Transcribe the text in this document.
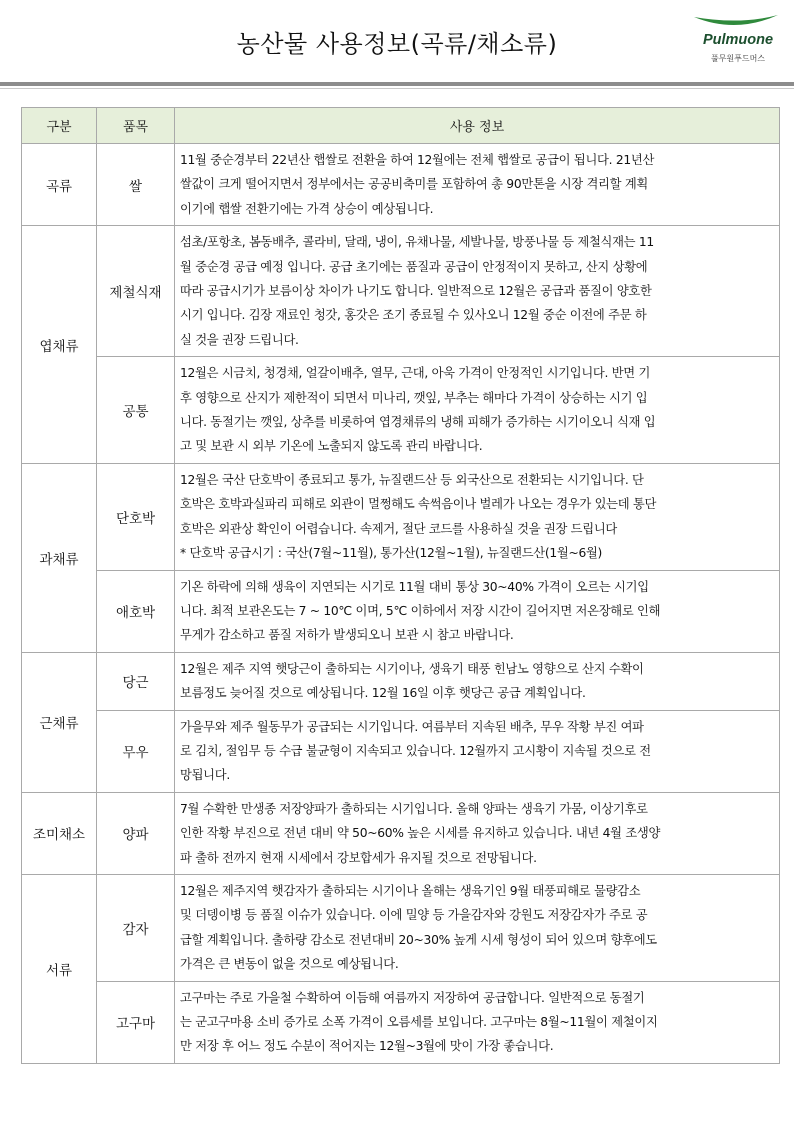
농산물 사용정보(곡류/채소류)	Pulmuone
풀무원푸드머스
구분	품목	사용 정보
곡류	쌀	11월 중순경부터 22년산 햅쌀로 전환을 하여 12월에는 전체 햅쌀로 공급이 됩니다. 21년산
쌀값이 크게 떨어지면서 정부에서는 공공비축미를 포함하여 총 90만톤을 시장 격리할 계획
이기에 햅쌀 전환기에는 가격 상승이 예상됩니다.
엽채류	제철식재	섬초/포항초, 봄동배추, 콜라비, 달래, 냉이, 유채나물, 세발나물, 방풍나물 등 제철식재는 11
월 중순경 공급 예정 입니다. 공급 초기에는 품질과 공급이 안정적이지 못하고, 산지 상황에
따라 공급시기가 보름이상 차이가 나기도 합니다. 일반적으로 12월은 공급과 품질이 양호한
시기 입니다. 김장 재료인 청갓, 홍갓은 조기 종료될 수 있사오니 12월 중순 이전에 주문 하
실 것을 권장 드립니다.
	공통	12월은 시금치, 청경채, 얼갈이배추, 열무, 근대, 아욱 가격이 안정적인 시기입니다. 반면 기
후 영향으로 산지가 제한적이 되면서 미나리, 깻잎, 부추는 해마다 가격이 상승하는 시기 입
니다. 동절기는 깻잎, 상추를 비롯하여 엽경채류의 냉해 피해가 증가하는 시기이오니 식재 입
고 및 보관 시 외부 기온에 노출되지 않도록 관리 바랍니다.
과채류	단호박	12월은 국산 단호박이 종료되고 통가, 뉴질랜드산 등 외국산으로 전환되는 시기입니다. 단
호박은 호박과실파리 피해로 외관이 멀쩡해도 속썩음이나 벌레가 나오는 경우가 있는데 통단
호박은 외관상 확인이 어렵습니다. 속제거, 절단 코드를 사용하실 것을 권장 드립니다
* 단호박 공급시기 : 국산(7월~11월), 통가산(12월~1월), 뉴질랜드산(1월~6월)
	애호박	기온 하락에 의해 생육이 지연되는 시기로 11월 대비 통상 30~40% 가격이 오르는 시기입
니다. 최적 보관온도는 7 ~ 10℃ 이며, 5℃ 이하에서 저장 시간이 길어지면 저온장해로 인해
무게가 감소하고 품질 저하가 발생되오니 보관 시 참고 바랍니다.
근채류	당근	12월은 제주 지역 햇당근이 출하되는 시기이나, 생육기 태풍 힌남노 영향으로 산지 수확이
보름정도 늦어질 것으로 예상됩니다. 12월 16일 이후 햇당근 공급 계획입니다.
	무우	가을무와 제주 월동무가 공급되는 시기입니다. 여름부터 지속된 배추, 무우 작황 부진 여파
로 김치, 절임무 등 수급 불균형이 지속되고 있습니다. 12월까지 고시황이 지속될 것으로 전
망됩니다.
조미채소	양파	7월 수확한 만생종 저장양파가 출하되는 시기입니다. 올해 양파는 생육기 가뭄, 이상기후로
인한 작황 부진으로 전년 대비 약 50~60% 높은 시세를 유지하고 있습니다. 내년 4월 조생양
파 출하 전까지 현재 시세에서 강보합세가 유지될 것으로 전망됩니다.
서류	감자	12월은 제주지역 햇감자가 출하되는 시기이나 올해는 생육기인 9월 태풍피해로 물량감소
및 더뎅이병 등 품질 이슈가 있습니다. 이에 밀양 등 가을감자와 강원도 저장감자가 주로 공
급할 계획입니다. 출하량 감소로 전년대비 20~30% 높게 시세 형성이 되어 있으며 향후에도
가격은 큰 변동이 없을 것으로 예상됩니다.
	고구마	고구마는 주로 가을철 수확하여 이듬해 여름까지 저장하여 공급합니다. 일반적으로 동절기
는 군고구마용 소비 증가로 소폭 가격이 오름세를 보입니다. 고구마는 8월~11월이 제철이지
만 저장 후 어느 정도 수분이 적어지는 12월~3월에 맛이 가장 좋습니다.
